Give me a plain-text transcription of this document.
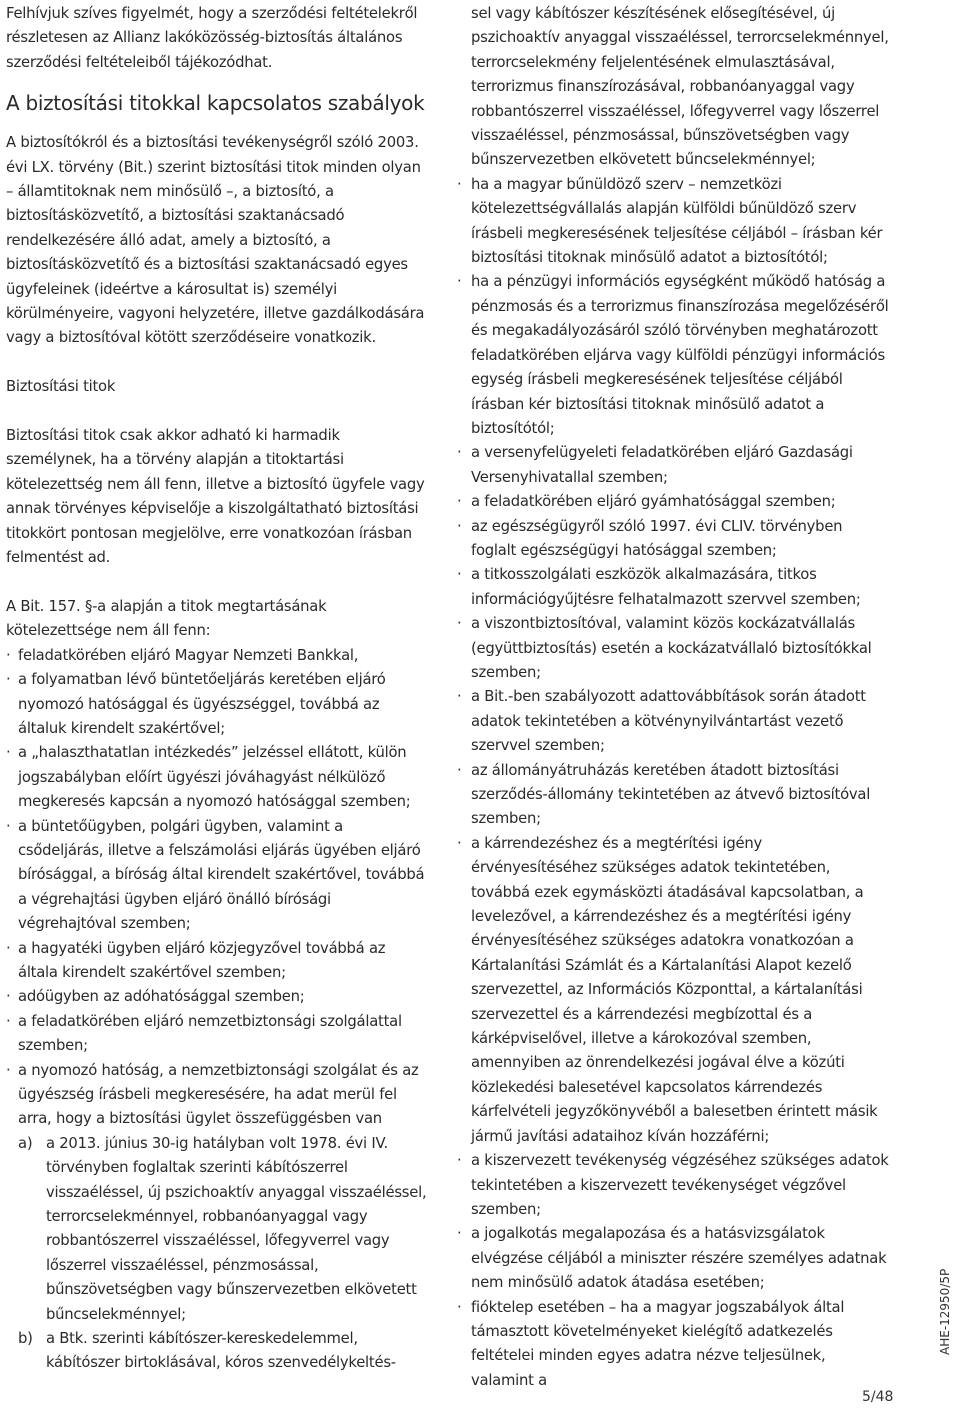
Felhívjuk szíves figyelmét, hogy a szerződési feltételekről részletesen az Allianz lakóközösség-biztosítás általános szerződési feltételeiből tájékozódhat.

A biztosítási titokkal kapcsolatos szabályok

A biztosítókról és a biztosítási tevékenységről szóló 2003. évi LX. törvény (Bit.) szerint biztosítási titok minden olyan – államtitoknak nem minősülő –, a biztosító, a biztosításközvetítő, a biztosítási szaktanácsadó rendelkezésére álló adat, amely a biztosító, a biztosításközvetítő és a biztosítási szaktanácsadó egyes ügyfeleinek (ideértve a károsultat is) személyi körülményeire, vagyoni helyzetére, illetve gazdálkodására vagy a biztosítóval kötött szerződéseire vonatkozik.

Biztosítási titok

Biztosítási titok csak akkor adható ki harmadik személynek, ha a törvény alapján a titoktartási kötelezettség nem áll fenn, illetve a biztosító ügyfele vagy annak törvényes képviselője a kiszolgáltatható biztosítási titokkört pontosan megjelölve, erre vonatkozóan írásban felmentést ad.

A Bit. 157. §-a alapján a titok megtartásának kötelezettsége nem áll fenn:

· feladatkörében eljáró Magyar Nemzeti Bankkal,
· a folyamatban lévő büntetőeljárás keretében eljáró nyomozó hatósággal és ügyészséggel, továbbá az általuk kirendelt szakértővel;
· a „halaszthatatlan intézkedés” jelzéssel ellátott, külön jogszabályban előírt ügyészi jóváhagyást nélkülöző megkeresés kapcsán a nyomozó hatósággal szemben;
· a büntetőügyben, polgári ügyben, valamint a csődeljárás, illetve a felszámolási eljárás ügyében eljáró bírósággal, a bíróság által kirendelt szakértővel, továbbá a végrehajtási ügyben eljáró önálló bírósági végrehajtóval szemben;
· a hagyatéki ügyben eljáró közjegyzővel továbbá az általa kirendelt szakértővel szemben;
· adóügyben az adóhatósággal szemben;
· a feladatkörében eljáró nemzetbiztonsági szolgálattal szemben;
· a nyomozó hatóság, a nemzetbiztonsági szolgálat és az ügyészség írásbeli megkeresésére, ha adat merül fel arra, hogy a biztosítási ügylet összefüggésben van
a) a 2013. június 30-ig hatályban volt 1978. évi IV. törvényben foglaltak szerinti kábítószerrel visszaéléssel, új pszichoaktív anyaggal visszaéléssel, terrorcselekménnyel, robbanóanyaggal vagy robbantószerrel visszaéléssel, lőfegyverrel vagy lőszerrel visszaéléssel, pénzmosással, bűnszövetségben vagy bűnszervezetben elkövetett bűncselekménnyel;
b) a Btk. szerinti kábítószer-kereskedelemmel, kábítószer birtoklásával, kóros szenvedélykeltés-

sel vagy kábítószer készítésének elősegítésével, új pszichoaktív anyaggal visszaéléssel, terrorcselekménnyel, terrorcselekmény feljelentésének elmulasztásával, terrorizmus finanszírozásával, robbanóanyaggal vagy robbantószerrel visszaéléssel, lőfegyverrel vagy lőszerrel visszaéléssel, pénzmosással, bűnszövetségben vagy bűnszervezetben elkövetett bűncselekménnyel;

· ha a magyar bűnüldöző szerv – nemzetközi kötelezettségvállalás alapján külföldi bűnüldöző szerv írásbeli megkeresésének teljesítése céljából – írásban kér biztosítási titoknak minősülő adatot a biztosítótól;
· ha a pénzügyi információs egységként működő hatóság a pénzmosás és a terrorizmus finanszírozása megelőzéséről és megakadályozásáról szóló törvényben meghatározott feladatkörében eljárva vagy külföldi pénzügyi információs egység írásbeli megkeresésének teljesítése céljából írásban kér biztosítási titoknak minősülő adatot a biztosítótól;
· a versenyfelügyeleti feladatkörében eljáró Gazdasági Versenyhivatallal szemben;
· a feladatkörében eljáró gyámhatósággal szemben;
· az egészségügyről szóló 1997. évi CLIV. törvényben foglalt egészségügyi hatósággal szemben;
· a titkosszolgálati eszközök alkalmazására, titkos információgyűjtésre felhatalmazott szervvel szemben;
· a viszontbiztosítóval, valamint közös kockázatvállalás (együttbiztosítás) esetén a kockázatvállaló biztosítókkal szemben;
· a Bit.-ben szabályozott adattovábbítások során átadott adatok tekintetében a kötvénynyilvántartást vezető szervvel szemben;
· az állományátruházás keretében átadott biztosítási szerződés-állomány tekintetében az átvevő biztosítóval szemben;
· a kárrendezéshez és a megtérítési igény érvényesítéséhez szükséges adatok tekintetében, továbbá ezek egymásközti átadásával kapcsolatban, a levelezővel, a kárrendezéshez és a megtérítési igény érvényesítéséhez szükséges adatokra vonatkozóan a Kártalanítási Számlát és a Kártalanítási Alapot kezelő szervezettel, az Információs Központtal, a kártalanítási szervezettel és a kárrendezési megbízottal és a kárképviselővel, illetve a károkozóval szemben, amennyiben az önrendelkezési jogával élve a közúti közlekedési balesetével kapcsolatos kárrendezés kárfelvételi jegyzőkönyvéből a balesetben érintett másik jármű javítási adataihoz kíván hozzáférni;
· a kiszervezett tevékenység végzéséhez szükséges adatok tekintetében a kiszervezett tevékenységet végzővel szemben;
· a jogalkotás megalapozása és a hatásvizsgálatok elvégzése céljából a miniszter részére személyes adatnak nem minősülő adatok átadása esetében;
· fióktelep esetében – ha a magyar jogszabályok által támasztott követelményeket kielégítő adatkezelés feltételei minden egyes adatra nézve teljesülnek, valamint a
AHE-12950/5P
5/48
